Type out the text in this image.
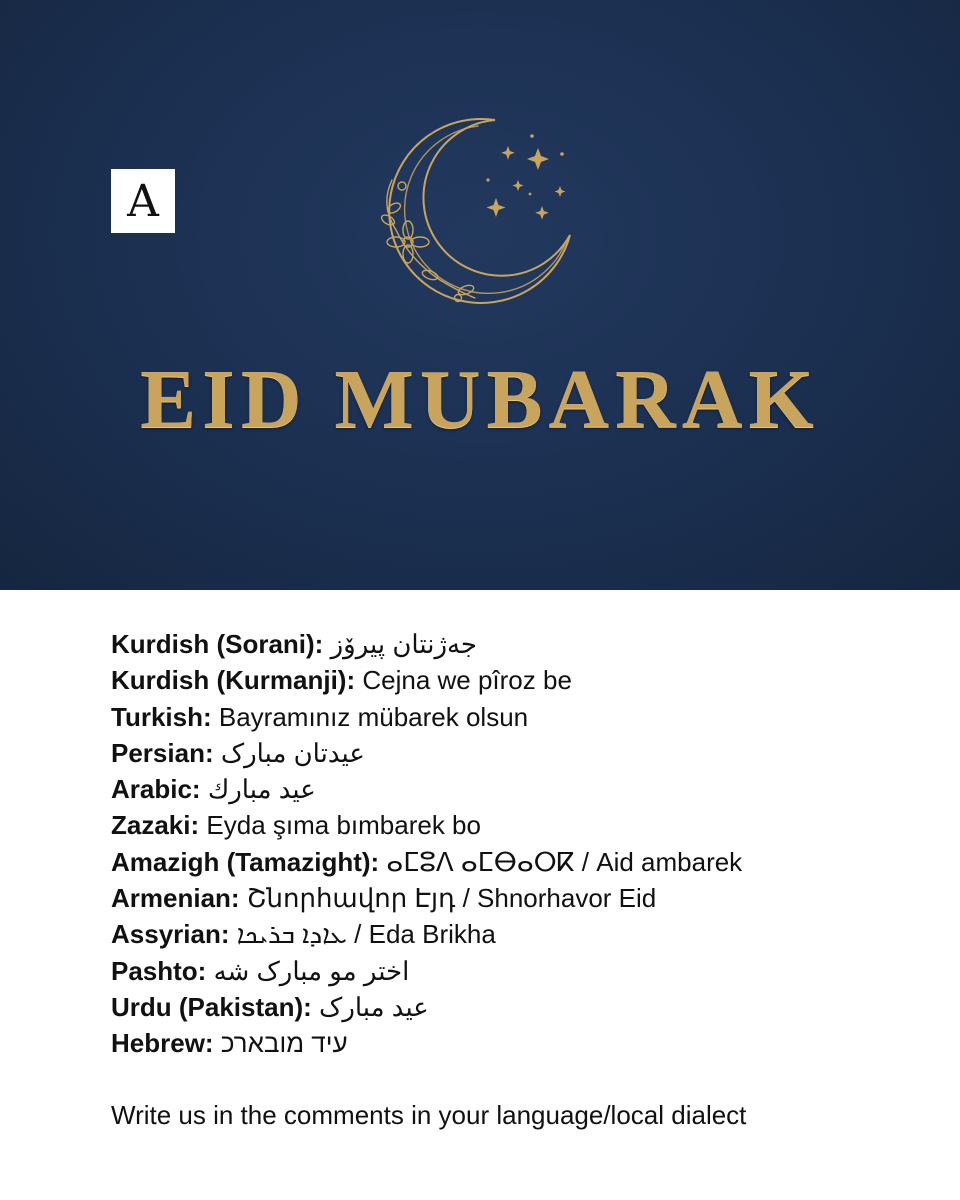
A
EID MUBARAK
Kurdish (Sorani): جەژنتان پیرۆز
Kurdish (Kurmanji): Cejna we pîroz be
Turkish: Bayramınız mübarek olsun
Persian: عیدتان مبارک
Arabic: عيد مبارك
Zazaki: Eyda şıma bımbarek bo
Amazigh (Tamazight): ⴰⵎⵓⴷ ⴰⵎⴱⴰⵔⴽ / Aid ambarek
Armenian: Շնորհավոր Էյդ / Shnorhavor Eid
Assyrian: ܥܐܕܐ ܒܪܝܟܐ / Eda Brikha
Pashto: اختر مو مبارک شه
Urdu (Pakistan): عید مبارک
Hebrew: עיד מובארכ

Write us in the comments in your language/local dialect
